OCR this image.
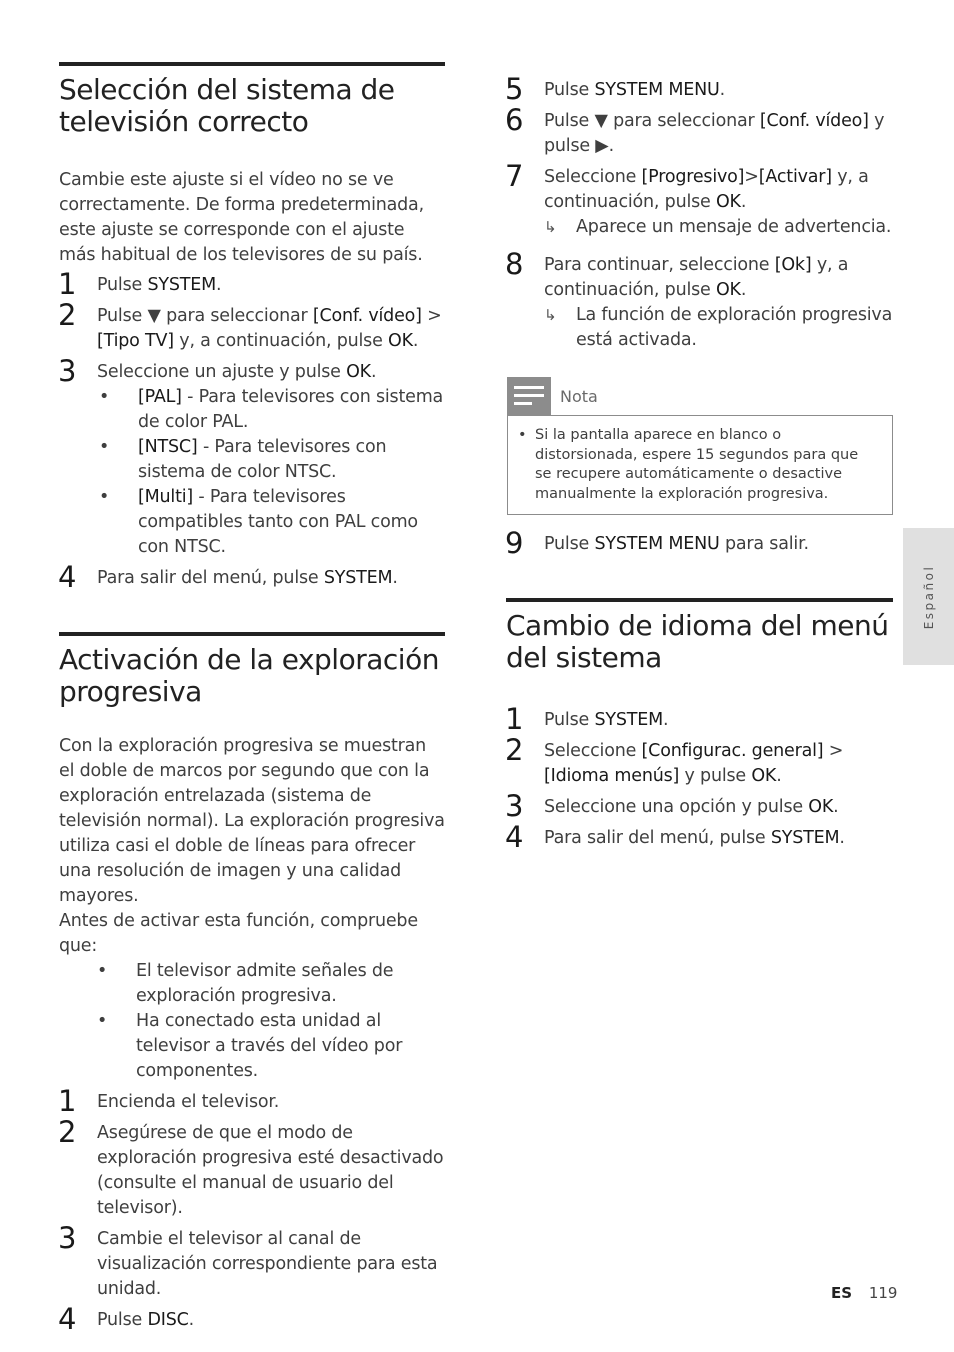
Selección del sistema de televisión correcto

Cambie este ajuste si el vídeo no se ve correctamente. De forma predeterminada, este ajuste se corresponde con el ajuste más habitual de los televisores de su país.

1 Pulse SYSTEM.
2 Pulse ▼ para seleccionar [Conf. vídeo] > [Tipo TV] y, a continuación, pulse OK.
3 Seleccione un ajuste y pulse OK.
• [PAL] - Para televisores con sistema de color PAL.
• [NTSC] - Para televisores con sistema de color NTSC.
• [Multi] - Para televisores compatibles tanto con PAL como con NTSC.
4 Para salir del menú, pulse SYSTEM.
Activación de la exploración progresiva

Con la exploración progresiva se muestran el doble de marcos por segundo que con la exploración entrelazada (sistema de televisión normal). La exploración progresiva utiliza casi el doble de líneas para ofrecer una resolución de imagen y una calidad mayores.

Antes de activar esta función, compruebe que:

• El televisor admite señales de exploración progresiva.
• Ha conectado esta unidad al televisor a través del vídeo por componentes.
1 Encienda el televisor.
2 Asegúrese de que el modo de exploración progresiva esté desactivado (consulte el manual de usuario del televisor).
3 Cambie el televisor al canal de visualización correspondiente para esta unidad.
4 Pulse DISC.
5 Pulse SYSTEM MENU.
6 Pulse ▼ para seleccionar [Conf. vídeo] y pulse ▶.
7 Seleccione [Progresivo]>[Activar] y, a continuación, pulse OK.
↳ Aparece un mensaje de advertencia.
8 Para continuar, seleccione [Ok] y, a continuación, pulse OK.
↳ La función de exploración progresiva está activada.
Nota
• Si la pantalla aparece en blanco o distorsionada, espere 15 segundos para que se recupere automáticamente o desactive manualmente la exploración progresiva.
9 Pulse SYSTEM MENU para salir.
Cambio de idioma del menú del sistema
1 Pulse SYSTEM.
2 Seleccione [Configurac. general] > [Idioma menús] y pulse OK.
3 Seleccione una opción y pulse OK.
4 Para salir del menú, pulse SYSTEM.
Español
ES 119
